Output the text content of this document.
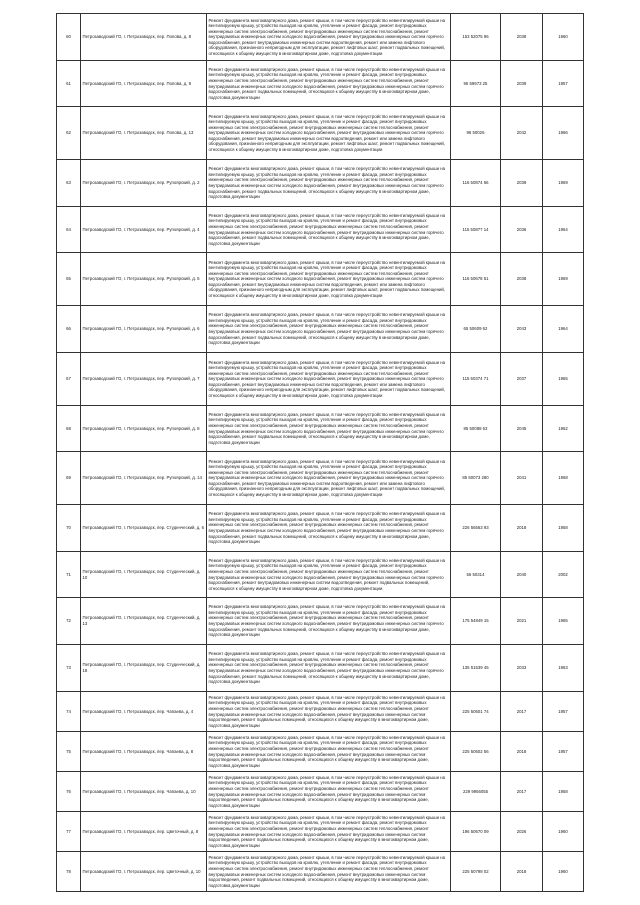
60	Петрозаводский ГО, г. Петрозаводск, пер. Попова, д. 8	Ремонт фундамента многоквартирного дома, ремонт крыши, в том числе переустройство невентилируемой крыши на вентилируемую крышу, устройство выходов на кровлю, утепление и ремонт фасада, ремонт внутридомовых инженерных систем электроснабжения, ремонт внутридомовых инженерных систем теплоснабжения, ремонт внутридомовых инженерных систем холодного водоснабжения, ремонт внутридомовых инженерных систем горячего водоснабжения, ремонт внутридомовых инженерных систем водоотведения, ремонт или замена лифтового оборудования, признанного непригодным для эксплуатации, ремонт лифтовых шахт, ремонт подвальных помещений, относящихся к общему имуществу в многоквартирном доме, подготовка документации	153 52075 96	2038	1960
61	Петрозаводский ГО, г. Петрозаводск, пер. Попова, д. 9	Ремонт фундамента многоквартирного дома, ремонт крыши, в том числе переустройство невентилируемой крыши на вентилируемую крышу, устройство выходов на кровлю, утепление и ремонт фасада, ремонт внутридомовых инженерных систем электроснабжения, ремонт внутридомовых инженерных систем теплоснабжения, ремонт внутридомовых инженерных систем холодного водоснабжения, ремонт внутридомовых инженерных систем горячего водоснабжения, ремонт подвальных помещений, относящихся к общему имуществу в многоквартирном доме, подготовка документации	95 59973 25	2039	1957
62	Петрозаводский ГО, г. Петрозаводск, пер. Попова, д. 13	Ремонт фундамента многоквартирного дома, ремонт крыши, в том числе переустройство невентилируемой крыши на вентилируемую крышу, устройство выходов на кровлю, утепление и ремонт фасада, ремонт внутридомовых инженерных систем электроснабжения, ремонт внутридомовых инженерных систем теплоснабжения, ремонт внутридомовых инженерных систем холодного водоснабжения, ремонт внутридомовых инженерных систем горячего водоснабжения, ремонт внутридомовых инженерных систем водоотведения, ремонт или замена лифтового оборудования, признанного непригодным для эксплуатации, ремонт лифтовых шахт, ремонт подвальных помещений, относящихся к общему имуществу в многоквартирном доме, подготовка документации	96 50026	2042	1966
63	Петрозаводский ГО, г. Петрозаводск, пер. Рупоярский, д. 2	Ремонт фундамента многоквартирного дома, ремонт крыши, в том числе переустройство невентилируемой крыши на вентилируемую крышу, устройство выходов на кровлю, утепление и ремонт фасада, ремонт внутридомовых инженерных систем электроснабжения, ремонт внутридомовых инженерных систем теплоснабжения, ремонт внутридомовых инженерных систем холодного водоснабжения, ремонт внутридомовых инженерных систем горячего водоснабжения, ремонт подвальных помещений, относящихся к общему имуществу в многоквартирном доме, подготовка документации	116 50874 66	2039	1969
64	Петрозаводский ГО, г. Петрозаводск, пер. Рупоярский, д. 4	Ремонт фундамента многоквартирного дома, ремонт крыши, в том числе переустройство невентилируемой крыши на вентилируемую крышу, устройство выходов на кровлю, утепление и ремонт фасада, ремонт внутридомовых инженерных систем электроснабжения, ремонт внутридомовых инженерных систем теплоснабжения, ремонт внутридомовых инженерных систем холодного водоснабжения, ремонт внутридомовых инженерных систем горячего водоснабжения, ремонт подвальных помещений, относящихся к общему имуществу в многоквартирном доме, подготовка документации	115 50877 14	2036	1964
65	Петрозаводский ГО, г. Петрозаводск, пер. Рупоярский, д. 5	Ремонт фундамента многоквартирного дома, ремонт крыши, в том числе переустройство невентилируемой крыши на вентилируемую крышу, устройство выходов на кровлю, утепление и ремонт фасада, ремонт внутридомовых инженерных систем электроснабжения, ремонт внутридомовых инженерных систем теплоснабжения, ремонт внутридомовых инженерных систем холодного водоснабжения, ремонт внутридомовых инженерных систем горячего водоснабжения, ремонт внутридомовых инженерных систем водоотведения, ремонт или замена лифтового оборудования, признанного непригодным для эксплуатации, ремонт лифтовых шахт, ремонт подвальных помещений, относящихся к общему имуществу в многоквартирном доме, подготовка документации	116 50678 51	2038	1969
66	Петрозаводский ГО, г. Петрозаводск, пер. Рупоярский, д. 6	Ремонт фундамента многоквартирного дома, ремонт крыши, в том числе переустройство невентилируемой крыши на вентилируемую крышу, устройство выходов на кровлю, утепление и ремонт фасада, ремонт внутридомовых инженерных систем электроснабжения, ремонт внутридомовых инженерных систем теплоснабжения, ремонт внутридомовых инженерных систем холодного водоснабжения, ремонт внутридомовых инженерных систем горячего водоснабжения, ремонт подвальных помещений, относящихся к общему имуществу в многоквартирном доме, подготовка документации	65 50609 62	2043	1964
67	Петрозаводский ГО, г. Петрозаводск, пер. Рупоярский, д. 7	Ремонт фундамента многоквартирного дома, ремонт крыши, в том числе переустройство невентилируемой крыши на вентилируемую крышу, устройство выходов на кровлю, утепление и ремонт фасада, ремонт внутридомовых инженерных систем электроснабжения, ремонт внутридомовых инженерных систем теплоснабжения, ремонт внутридомовых инженерных систем холодного водоснабжения, ремонт внутридомовых инженерных систем горячего водоснабжения, ремонт внутридомовых инженерных систем водоотведения, ремонт или замена лифтового оборудования, признанного непригодным для эксплуатации, ремонт лифтовых шахт, ремонт подвальных помещений, относящихся к общему имуществу в многоквартирном доме, подготовка документации	115 50374 71	2037	1965
68	Петрозаводский ГО, г. Петрозаводск, пер. Рупоярский, д. 8	Ремонт фундамента многоквартирного дома, ремонт крыши, в том числе переустройство невентилируемой крыши на вентилируемую крышу, устройство выходов на кровлю, утепление и ремонт фасада, ремонт внутридомовых инженерных систем электроснабжения, ремонт внутридомовых инженерных систем теплоснабжения, ремонт внутридомовых инженерных систем холодного водоснабжения, ремонт внутридомовых инженерных систем горячего водоснабжения, ремонт подвальных помещений, относящихся к общему имуществу в многоквартирном доме, подготовка документации	85 50088 63	2045	1962
69	Петрозаводский ГО, г. Петрозаводск, пер. Рупоярский, д. 14	Ремонт фундамента многоквартирного дома, ремонт крыши, в том числе переустройство невентилируемой крыши на вентилируемую крышу, устройство выходов на кровлю, утепление и ремонт фасада, ремонт внутридомовых инженерных систем электроснабжения, ремонт внутридомовых инженерных систем теплоснабжения, ремонт внутридомовых инженерных систем холодного водоснабжения, ремонт внутридомовых инженерных систем горячего водоснабжения, ремонт внутридомовых инженерных систем водоотведения, ремонт или замена лифтового оборудования, признанного непригодным для эксплуатации, ремонт лифтовых шахт, ремонт подвальных помещений, относящихся к общему имуществу в многоквартирном доме, подготовка документации	85 50073 280	2041	1968
70	Петрозаводский ГО, г. Петрозаводск, пер. Студенческий, д. 6	Ремонт фундамента многоквартирного дома, ремонт крыши, в том числе переустройство невентилируемой крыши на вентилируемую крышу, устройство выходов на кровлю, утепление и ремонт фасада, ремонт внутридомовых инженерных систем электроснабжения, ремонт внутридомовых инженерных систем теплоснабжения, ремонт внутридомовых инженерных систем холодного водоснабжения, ремонт внутридомовых инженерных систем горячего водоснабжения, ремонт подвальных помещений, относящихся к общему имуществу в многоквартирном доме, подготовка документации	226 56563 93	2018	1958
71	Петрозаводский ГО, г. Петрозаводск, пер. Студенческий, д. 10	Ремонт фундамента многоквартирного дома, ремонт крыши, в том числе переустройство невентилируемой крыши на вентилируемую крышу, устройство выходов на кровлю, утепление и ремонт фасада, ремонт внутридомовых инженерных систем электроснабжения, ремонт внутридомовых инженерных систем теплоснабжения, ремонт внутридомовых инженерных систем холодного водоснабжения, ремонт внутридомовых инженерных систем горячего водоснабжения, ремонт внутридомовых инженерных систем водоотведения, ремонт подвальных помещений, относящихся к общему имуществу в многоквартирном доме, подготовка документации	56 50314	2040	2002
72	Петрозаводский ГО, г. Петрозаводск, пер. Студенческий, д. 13	Ремонт фундамента многоквартирного дома, ремонт крыши, в том числе переустройство невентилируемой крыши на вентилируемую крышу, устройство выходов на кровлю, утепление и ремонт фасада, ремонт внутридомовых инженерных систем электроснабжения, ремонт внутридомовых инженерных систем теплоснабжения, ремонт внутридомовых инженерных систем холодного водоснабжения, ремонт внутридомовых инженерных систем горячего водоснабжения, ремонт подвальных помещений, относящихся к общему имуществу в многоквартирном доме, подготовка документации	175 54849 15	2021	1965
73	Петрозаводский ГО, г. Петрозаводск, пер. Студенческий, д. 18	Ремонт фундамента многоквартирного дома, ремонт крыши, в том числе переустройство невентилируемой крыши на вентилируемую крышу, устройство выходов на кровлю, утепление и ремонт фасада, ремонт внутридомовых инженерных систем электроснабжения, ремонт внутридомовых инженерных систем теплоснабжения, ремонт внутридомовых инженерных систем холодного водоснабжения, ремонт внутридомовых инженерных систем горячего водоснабжения, ремонт подвальных помещений, относящихся к общему имуществу в многоквартирном доме, подготовка документации	135 51539 45	2033	1963
74	Петрозаводский ГО, г. Петрозаводск, пер. Чапаева, д. 4	Ремонт фундамента многоквартирного дома, ремонт крыши, в том числе переустройство невентилируемой крыши на вентилируемую крышу, устройство выходов на кровлю, утепление и ремонт фасада, ремонт внутридомовых инженерных систем электроснабжения, ремонт внутридомовых инженерных систем теплоснабжения, ремонт внутридомовых инженерных систем холодного водоснабжения, ремонт внутридомовых инженерных систем водоотведения, ремонт подвальных помещений, относящихся к общему имуществу в многоквартирном доме, подготовка документации	225 50601 74	2017	1957
75	Петрозаводский ГО, г. Петрозаводск, пер. Чапаева, д. 8	Ремонт фундамента многоквартирного дома, ремонт крыши, в том числе переустройство невентилируемой крыши на вентилируемую крышу, устройство выходов на кровлю, утепление и ремонт фасада, ремонт внутридомовых инженерных систем электроснабжения, ремонт внутридомовых инженерных систем теплоснабжения, ремонт внутридомовых инженерных систем холодного водоснабжения, ремонт внутридомовых инженерных систем водоотведения, ремонт подвальных помещений, относящихся к общему имуществу в многоквартирном доме, подготовка документации	225 50602 56	2018	1957
76	Петрозаводский ГО, г. Петрозаводск, пер. Чапаева, д. 10	Ремонт фундамента многоквартирного дома, ремонт крыши, в том числе переустройство невентилируемой крыши на вентилируемую крышу, устройство выходов на кровлю, утепление и ремонт фасада, ремонт внутридомовых инженерных систем электроснабжения, ремонт внутридомовых инженерных систем теплоснабжения, ремонт внутридомовых инженерных систем холодного водоснабжения, ремонт внутридомовых инженерных систем водоотведения, ремонт подвальных помещений, относящихся к общему имуществу в многоквартирном доме, подготовка документации	229 9956055	2017	1958
77	Петрозаводский ГО, г. Петрозаводск, пер. Цветочный, д. 8	Ремонт фундамента многоквартирного дома, ремонт крыши, в том числе переустройство невентилируемой крыши на вентилируемую крышу, устройство выходов на кровлю, утепление и ремонт фасада, ремонт внутридомовых инженерных систем электроснабжения, ремонт внутридомовых инженерных систем теплоснабжения, ремонт внутридомовых инженерных систем холодного водоснабжения, ремонт внутридомовых инженерных систем водоотведения, ремонт подвальных помещений, относящихся к общему имуществу в многоквартирном доме, подготовка документации	196 50670 09	2026	1960
78	Петрозаводский ГО, г. Петрозаводск, пер. Цветочный, д. 10	Ремонт фундамента многоквартирного дома, ремонт крыши, в том числе переустройство невентилируемой крыши на вентилируемую крышу, устройство выходов на кровлю, утепление и ремонт фасада, ремонт внутридомовых инженерных систем электроснабжения, ремонт внутридомовых инженерных систем теплоснабжения, ремонт внутридомовых инженерных систем холодного водоснабжения, ремонт внутридомовых инженерных систем водоотведения, ремонт подвальных помещений, относящихся к общему имуществу в многоквартирном доме, подготовка документации	225 50798 02	2018	1960
